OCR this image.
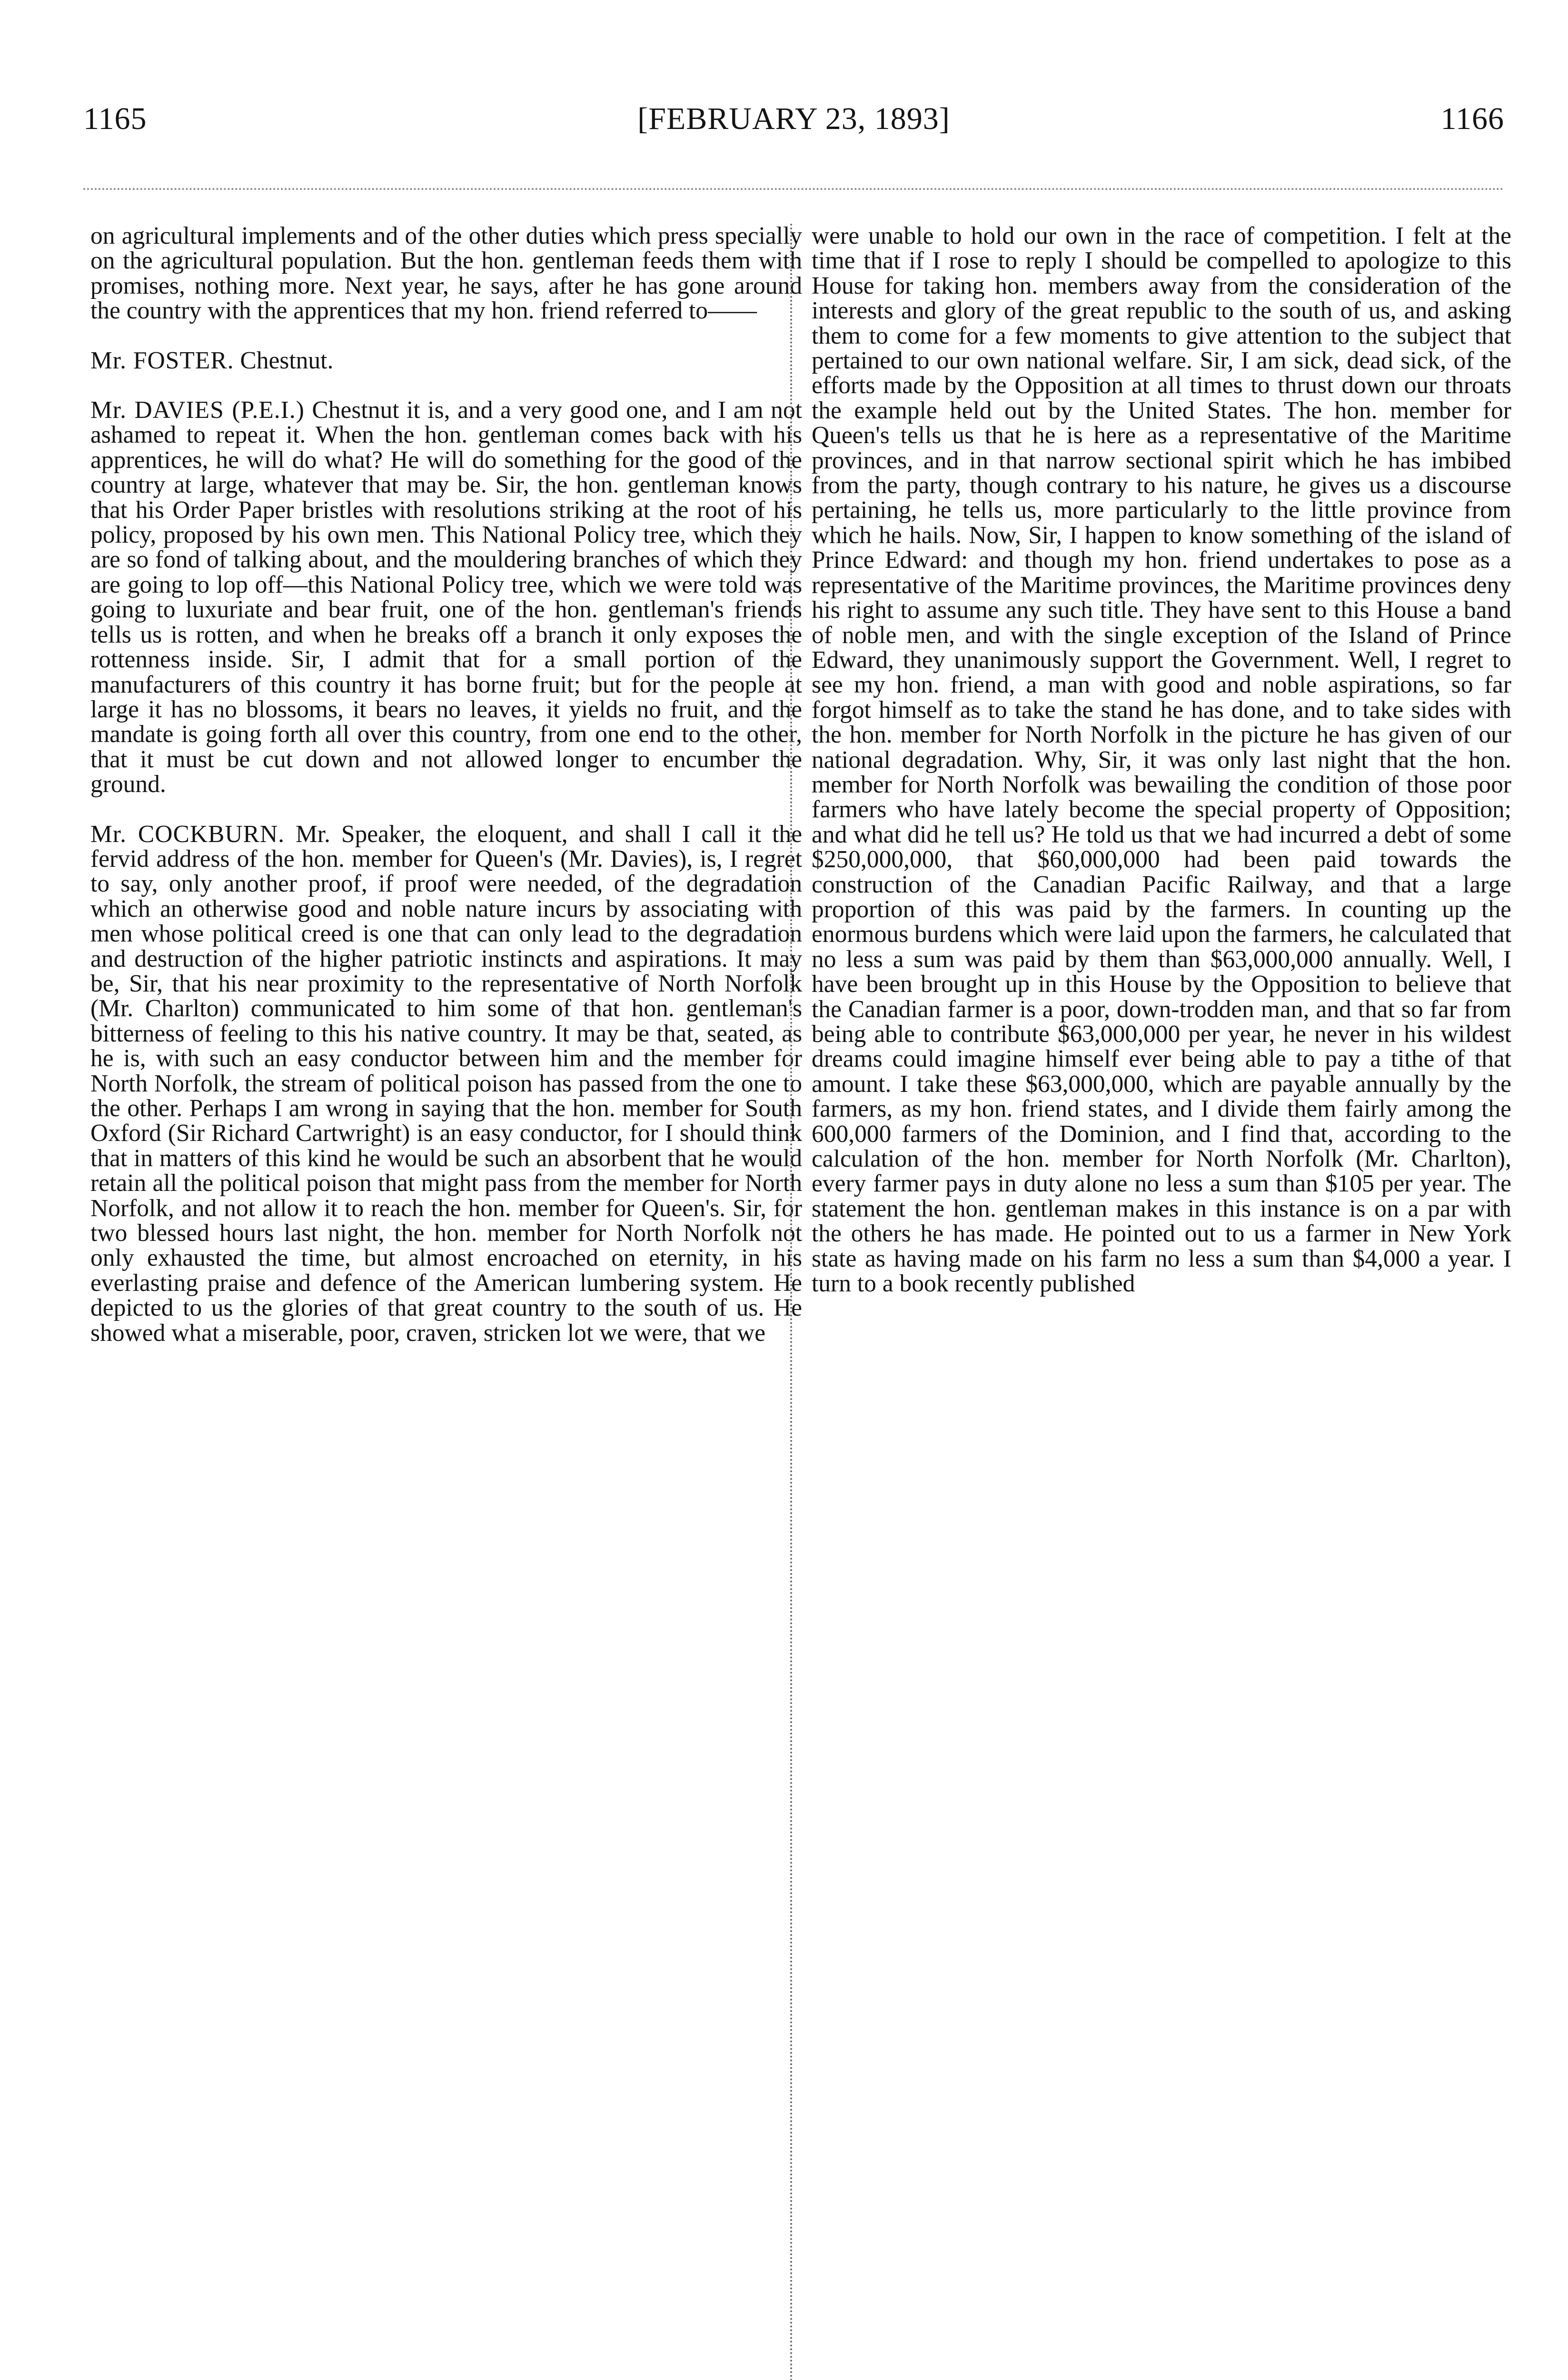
1165	[FEBRUARY 23, 1893]	1166

on agricultural implements and of the other duties which press specially on the agricultural population. But the hon. gentleman feeds them with promises, nothing more. Next year, he says, after he has gone around the country with the apprentices that my hon. friend referred to——

Mr. FOSTER. Chestnut.

Mr. DAVIES (P.E.I.) Chestnut it is, and a very good one, and I am not ashamed to repeat it. When the hon. gentleman comes back with his apprentices, he will do what? He will do something for the good of the country at large, whatever that may be. Sir, the hon. gentleman knows that his Order Paper bristles with resolutions striking at the root of his policy, proposed by his own men. This National Policy tree, which they are so fond of talking about, and the mouldering branches of which they are going to lop off—this National Policy tree, which we were told was going to luxuriate and bear fruit, one of the hon. gentleman's friends tells us is rotten, and when he breaks off a branch it only exposes the rottenness inside. Sir, I admit that for a small portion of the manufacturers of this country it has borne fruit; but for the people at large it has no blossoms, it bears no leaves, it yields no fruit, and the mandate is going forth all over this country, from one end to the other, that it must be cut down and not allowed longer to encumber the ground.

Mr. COCKBURN. Mr. Speaker, the eloquent, and shall I call it the fervid address of the hon. member for Queen's (Mr. Davies), is, I regret to say, only another proof, if proof were needed, of the degradation which an otherwise good and noble nature incurs by associating with men whose political creed is one that can only lead to the degradation and destruction of the higher patriotic instincts and aspirations. It may be, Sir, that his near proximity to the representative of North Norfolk (Mr. Charlton) communicated to him some of that hon. gentleman's bitterness of feeling to this his native country. It may be that, seated, as he is, with such an easy conductor between him and the member for North Norfolk, the stream of political poison has passed from the one to the other. Perhaps I am wrong in saying that the hon. member for South Oxford (Sir Richard Cartwright) is an easy conductor, for I should think that in matters of this kind he would be such an absorbent that he would retain all the political poison that might pass from the member for North Norfolk, and not allow it to reach the hon. member for Queen's. Sir, for two blessed hours last night, the hon. member for North Norfolk not only exhausted the time, but almost encroached on eternity, in his everlasting praise and defence of the American lumbering system. He depicted to us the glories of that great country to the south of us. He showed what a miserable, poor, craven, stricken lot we were, that we

were unable to hold our own in the race of competition. I felt at the time that if I rose to reply I should be compelled to apologize to this House for taking hon. members away from the consideration of the interests and glory of the great republic to the south of us, and asking them to come for a few moments to give attention to the subject that pertained to our own national welfare. Sir, I am sick, dead sick, of the efforts made by the Opposition at all times to thrust down our throats the example held out by the United States. The hon. member for Queen's tells us that he is here as a representative of the Maritime provinces, and in that narrow sectional spirit which he has imbibed from the party, though contrary to his nature, he gives us a discourse pertaining, he tells us, more particularly to the little province from which he hails. Now, Sir, I happen to know something of the island of Prince Edward: and though my hon. friend undertakes to pose as a representative of the Maritime provinces, the Maritime provinces deny his right to assume any such title. They have sent to this House a band of noble men, and with the single exception of the Island of Prince Edward, they unanimously support the Government. Well, I regret to see my hon. friend, a man with good and noble aspirations, so far forgot himself as to take the stand he has done, and to take sides with the hon. member for North Norfolk in the picture he has given of our national degradation. Why, Sir, it was only last night that the hon. member for North Norfolk was bewailing the condition of those poor farmers who have lately become the special property of Opposition; and what did he tell us? He told us that we had incurred a debt of some $250,000,000, that $60,000,000 had been paid towards the construction of the Canadian Pacific Railway, and that a large proportion of this was paid by the farmers. In counting up the enormous burdens which were laid upon the farmers, he calculated that no less a sum was paid by them than $63,000,000 annually. Well, I have been brought up in this House by the Opposition to believe that the Canadian farmer is a poor, down-trodden man, and that so far from being able to contribute $63,000,000 per year, he never in his wildest dreams could imagine himself ever being able to pay a tithe of that amount. I take these $63,000,000, which are payable annually by the farmers, as my hon. friend states, and I divide them fairly among the 600,000 farmers of the Dominion, and I find that, according to the calculation of the hon. member for North Norfolk (Mr. Charlton), every farmer pays in duty alone no less a sum than $105 per year. The statement the hon. gentleman makes in this instance is on a par with the others he has made. He pointed out to us a farmer in New York state as having made on his farm no less a sum than $4,000 a year. I turn to a book recently published
